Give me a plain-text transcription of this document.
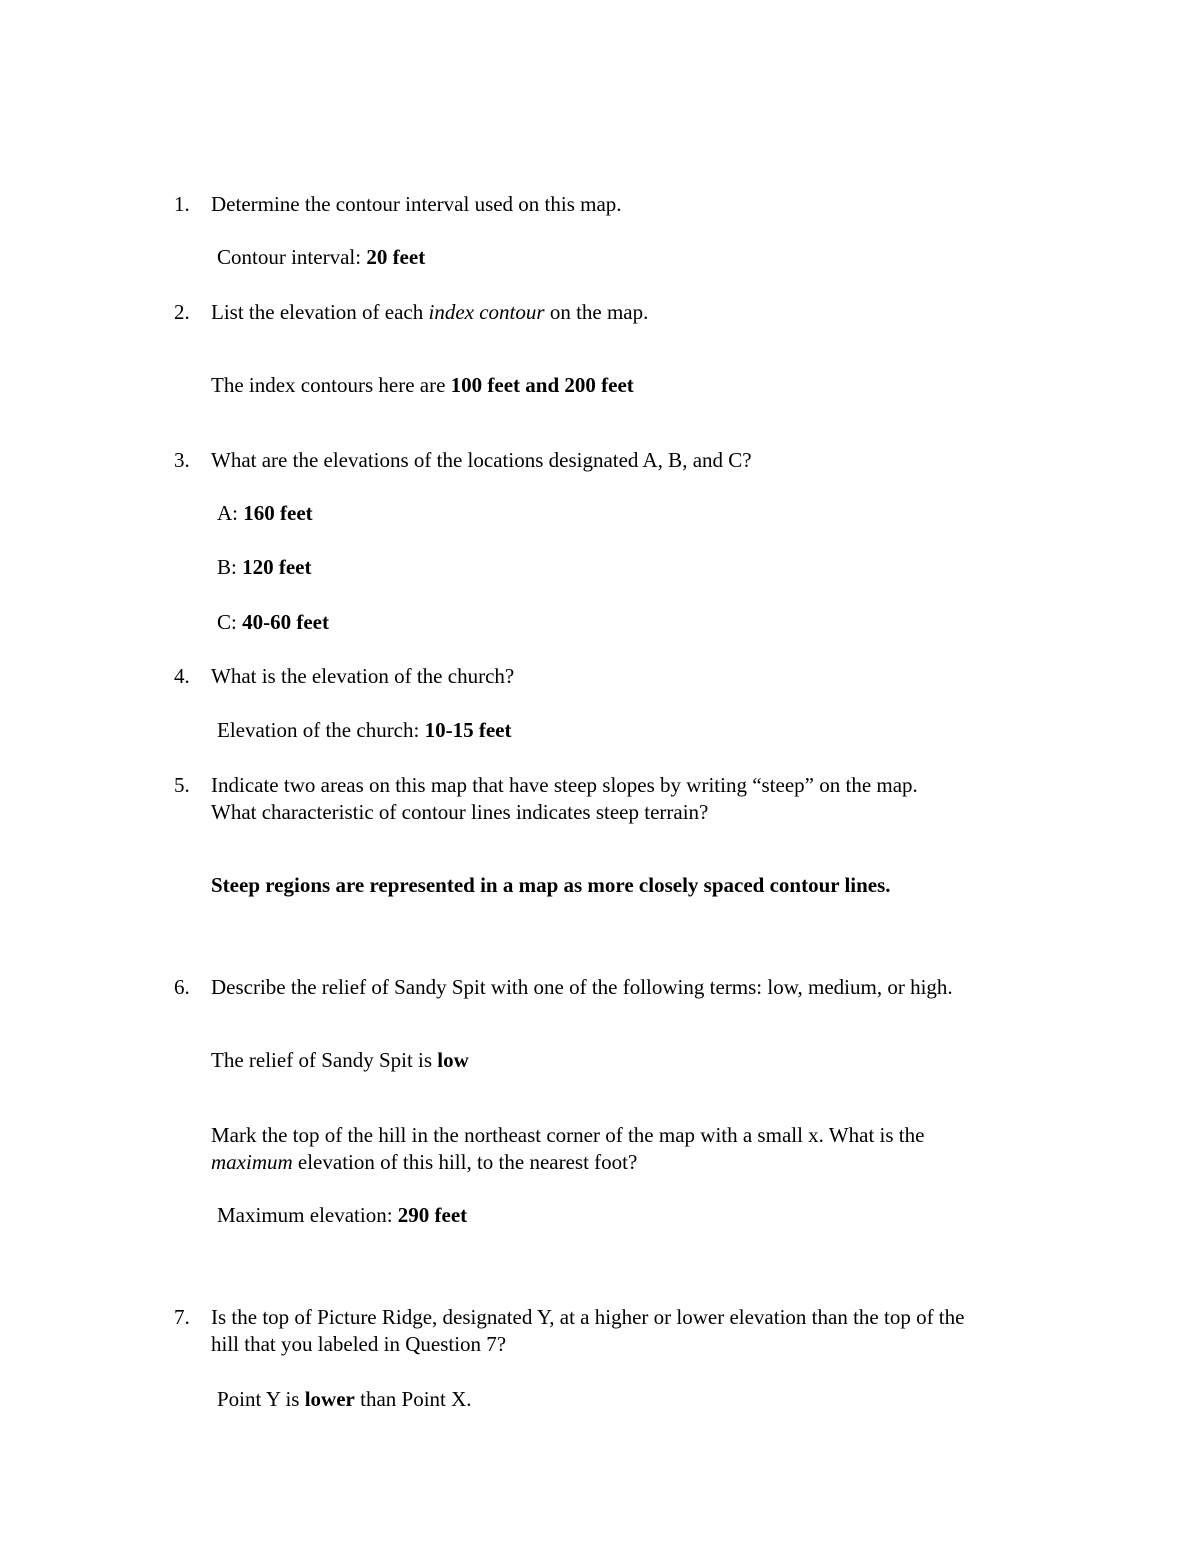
1. Determine the contour interval used on this map.
Contour interval: 20 feet
2. List the elevation of each index contour on the map.
The index contours here are 100 feet and 200 feet
3. What are the elevations of the locations designated A, B, and C?
A: 160 feet
B: 120 feet
C: 40-60 feet
4. What is the elevation of the church?
Elevation of the church: 10-15 feet
5. Indicate two areas on this map that have steep slopes by writing “steep” on the map.
What characteristic of contour lines indicates steep terrain?
Steep regions are represented in a map as more closely spaced contour lines.
6. Describe the relief of Sandy Spit with one of the following terms: low, medium, or high.
The relief of Sandy Spit is low
Mark the top of the hill in the northeast corner of the map with a small x. What is the
maximum elevation of this hill, to the nearest foot?
Maximum elevation: 290 feet
7. Is the top of Picture Ridge, designated Y, at a higher or lower elevation than the top of the
hill that you labeled in Question 7?
Point Y is lower than Point X.
